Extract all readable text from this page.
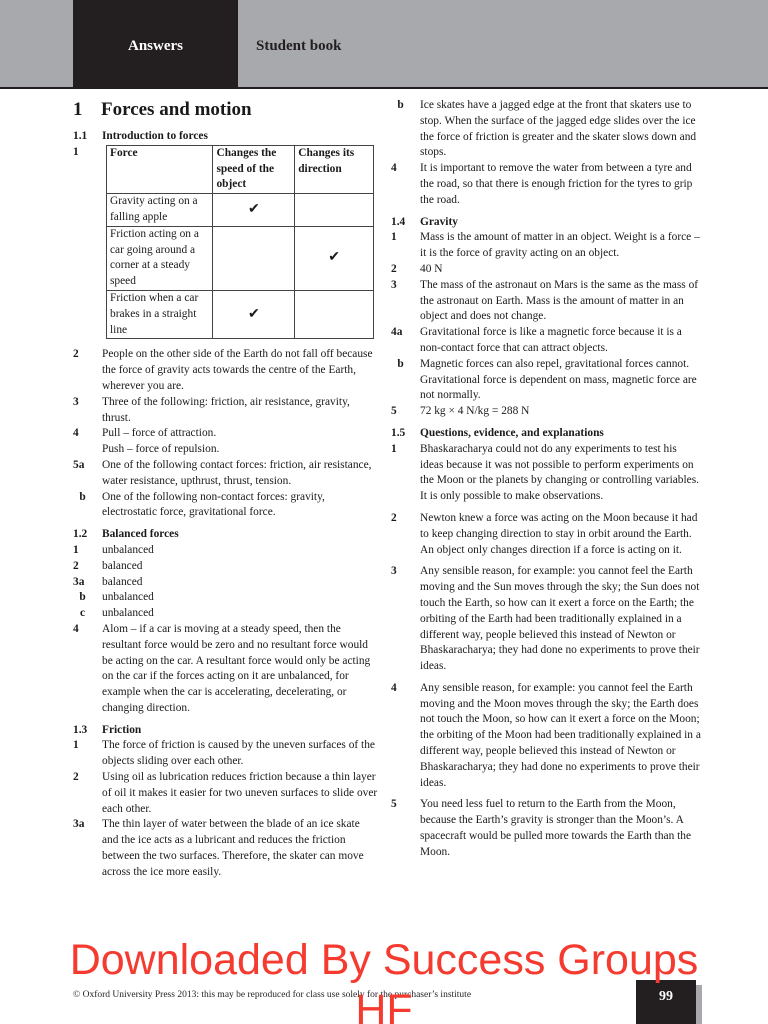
Answers	Student book
1 Forces and motion
1.1	Introduction to forces
1	Force	Changes the speed of the object	Changes its direction
Gravity acting on a falling apple	✔	
Friction acting on a car going around a corner at a steady speed		✔
Friction when a car brakes in a straight line	✔	
2	People on the other side of the Earth do not fall off because the force of gravity acts towards the centre of the Earth, wherever you are.
3	Three of the following: friction, air resistance, gravity, thrust.
4	Pull – force of attraction.
Push – force of repulsion.
5a	One of the following contact forces: friction, air resistance, water resistance, upthrust, thrust, tension.
b	One of the following non-contact forces: gravity, electrostatic force, gravitational force.
1.2	Balanced forces
1	unbalanced
2	balanced
3a	balanced
b	unbalanced
c	unbalanced
4	Alom – if a car is moving at a steady speed, then the resultant force would be zero and no resultant force would be acting on the car. A resultant force would only be acting on the car if the forces acting on it are unbalanced, for example when the car is accelerating, decelerating, or changing direction.
1.3	Friction
1	The force of friction is caused by the uneven surfaces of the objects sliding over each other.
2	Using oil as lubrication reduces friction because a thin layer of oil it makes it easier for two uneven surfaces to slide over each other.
3a	The thin layer of water between the blade of an ice skate and the ice acts as a lubricant and reduces the friction between the two surfaces. Therefore, the skater can move across the ice more easily.
b	Ice skates have a jagged edge at the front that skaters use to stop. When the surface of the jagged edge slides over the ice the force of friction is greater and the skater slows down and stops.
4	It is important to remove the water from between a tyre and the road, so that there is enough friction for the tyres to grip the road.
1.4	Gravity
1	Mass is the amount of matter in an object. Weight is a force – it is the force of gravity acting on an object.
2	40 N
3	The mass of the astronaut on Mars is the same as the mass of the astronaut on Earth. Mass is the amount of matter in an object and does not change.
4a	Gravitational force is like a magnetic force because it is a non-contact force that can attract objects.
b	Magnetic forces can also repel, gravitational forces cannot. Gravitational force is dependent on mass, magnetic force are not normally.
5	72 kg × 4 N/kg = 288 N
1.5	Questions, evidence, and explanations
1	Bhaskaracharya could not do any experiments to test his ideas because it was not possible to perform experiments on the Moon or the planets by changing or controlling variables. It is only possible to make observations.
2	Newton knew a force was acting on the Moon because it had to keep changing direction to stay in orbit around the Earth. An object only changes direction if a force is acting on it.
3	Any sensible reason, for example: you cannot feel the Earth moving and the Sun moves through the sky; the Sun does not touch the Earth, so how can it exert a force on the Earth; the orbiting of the Earth had been traditionally explained in a different way, people believed this instead of Newton or Bhaskaracharya; they had done no experiments to prove their ideas.
4	Any sensible reason, for example: you cannot feel the Earth moving and the Moon moves through the sky; the Earth does not touch the Moon, so how can it exert a force on the Moon; the orbiting of the Moon had been traditionally explained in a different way, people believed this instead of Newton or Bhaskaracharya; they had done no experiments to prove their ideas.
5	You need less fuel to return to the Earth from the Moon, because the Earth’s gravity is stronger than the Moon’s. A spacecraft would be pulled more towards the Earth than the Moon.
© Oxford University Press 2013: this may be reproduced for class use solely for the purchaser’s institute	99
Downloaded By Success Groups
HF
